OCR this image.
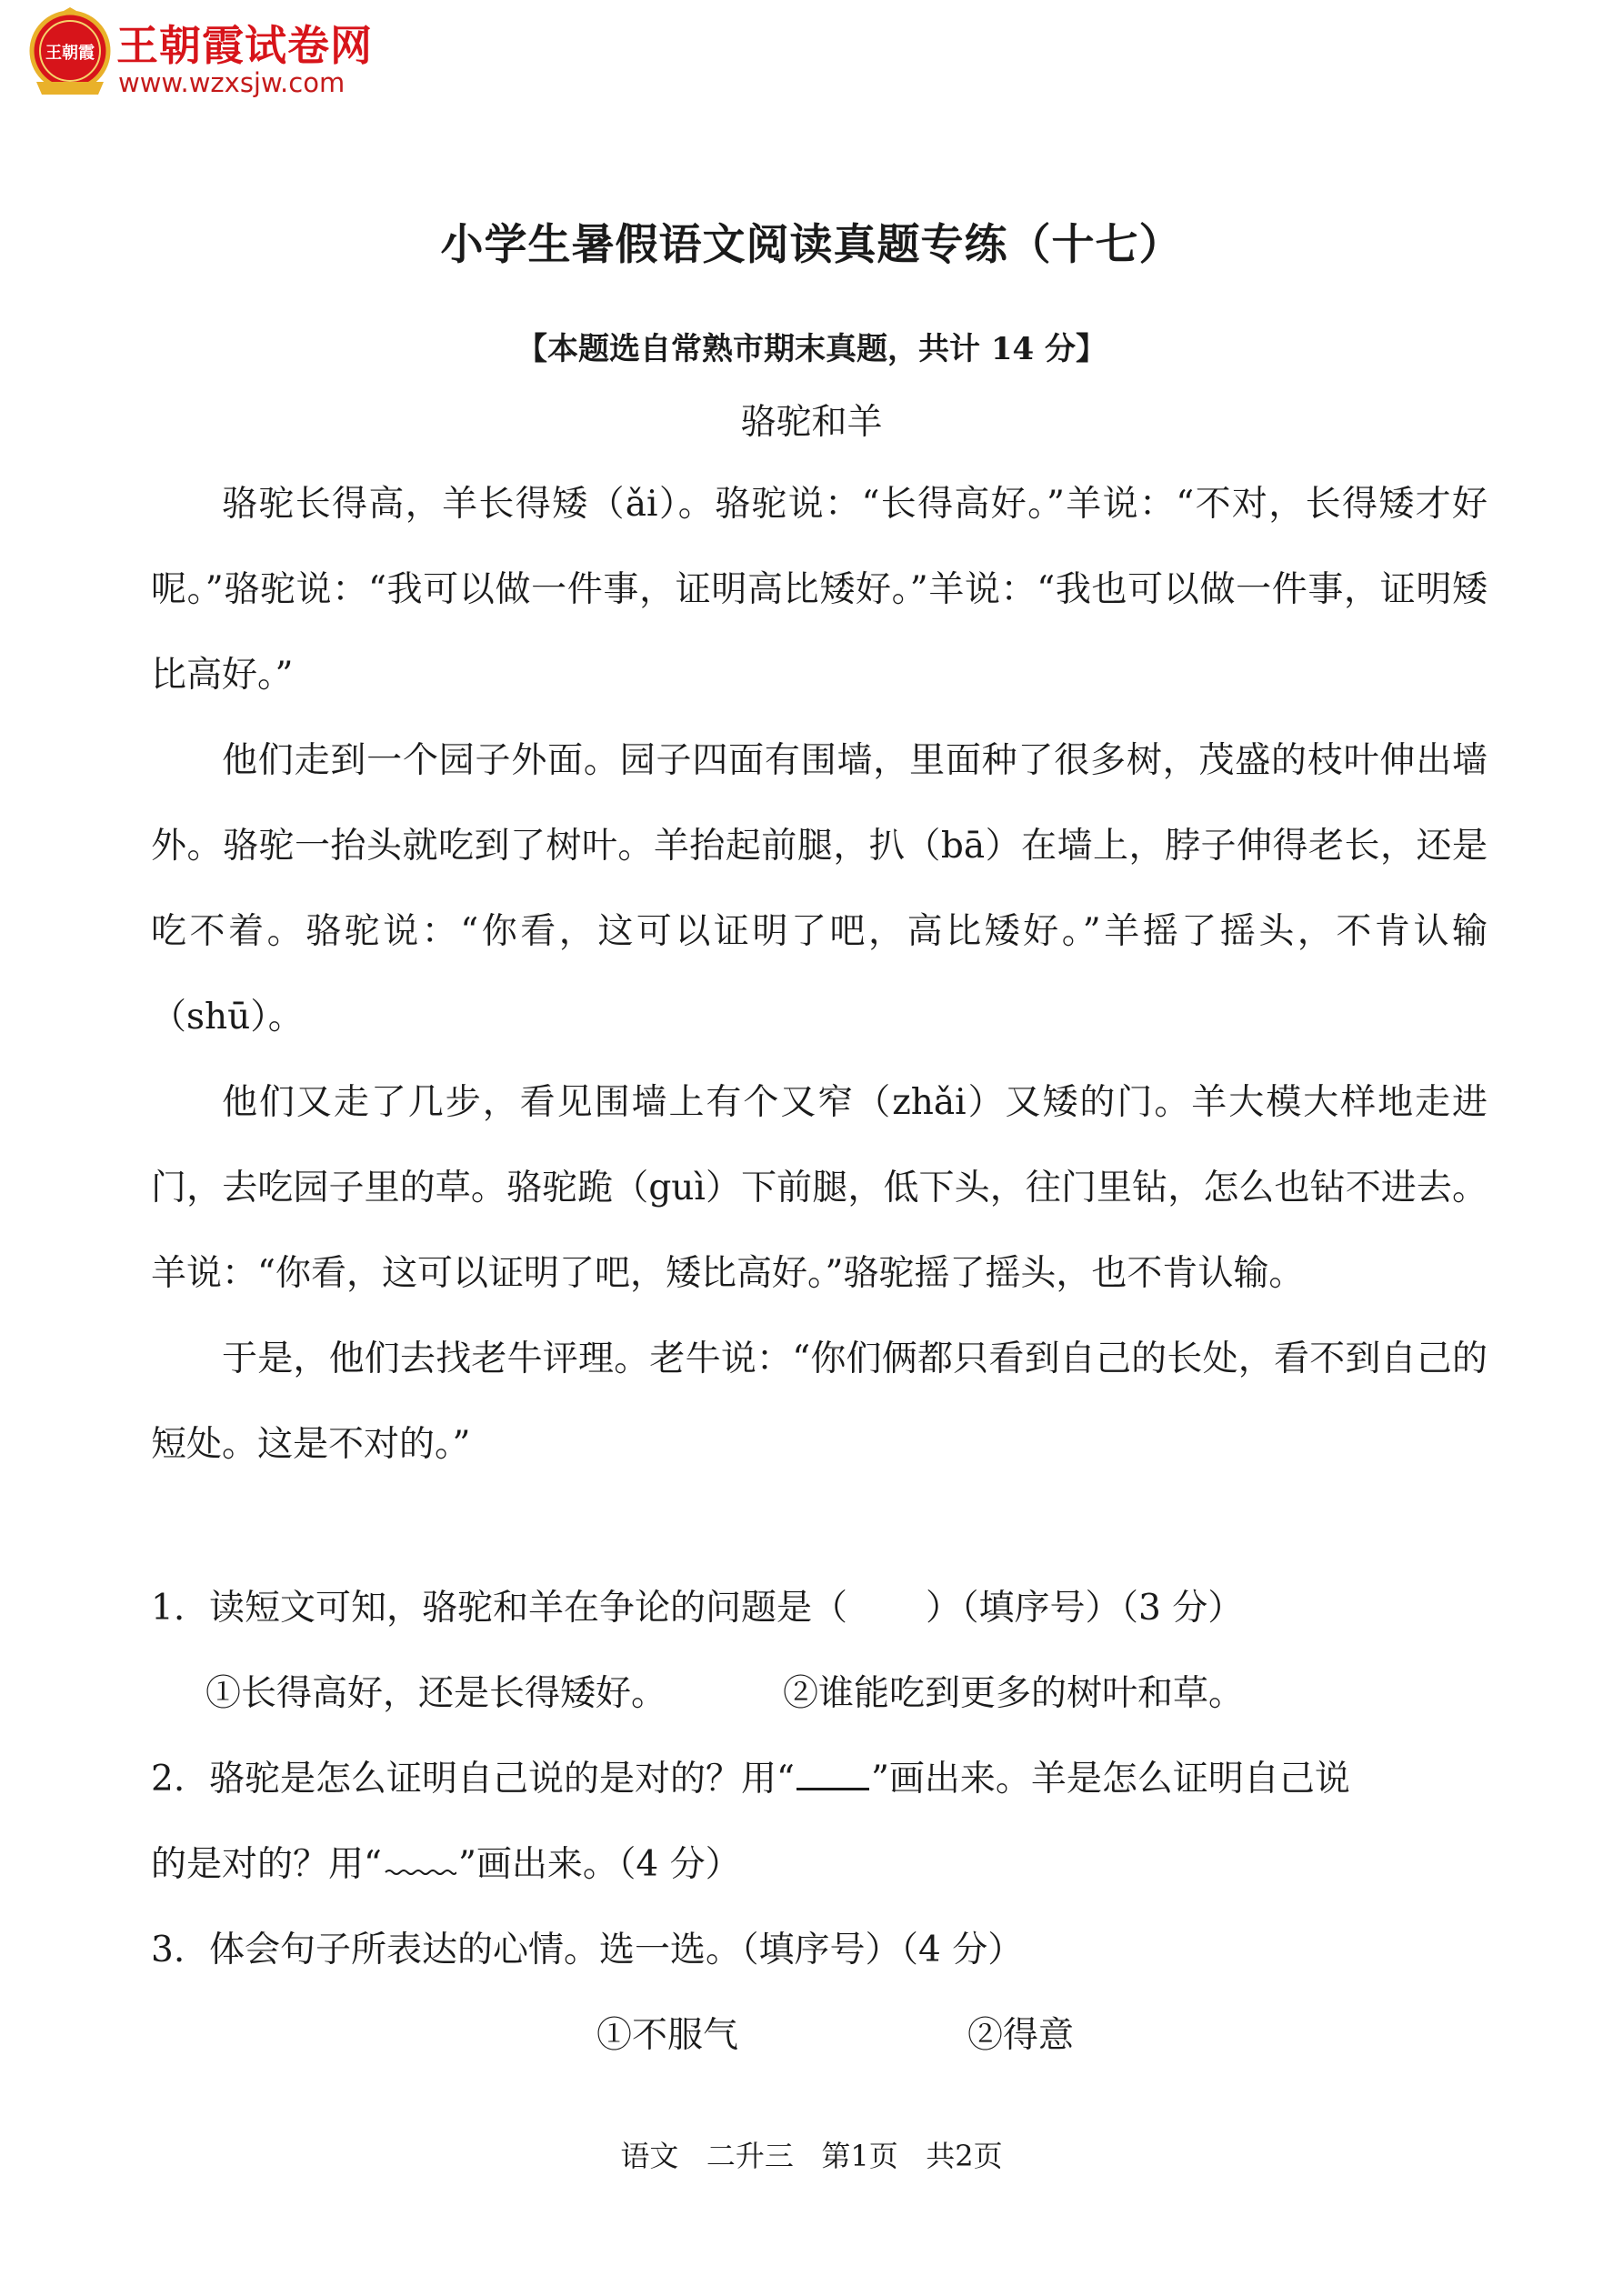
王朝霞 王朝霞试卷网
www.wzxsjw.com
小学生暑假语文阅读真题专练（十七）
【本题选自常熟市期末真题，共计 14 分】
骆驼和羊

骆驼长得高，羊长得矮（ǎi）。骆驼说：“长得高好。”羊说：“不对，长得矮才好呢。”骆驼说：“我可以做一件事，证明高比矮好。”羊说：“我也可以做一件事，证明矮比高好。”

他们走到一个园子外面。园子四面有围墙，里面种了很多树，茂盛的枝叶伸出墙外。骆驼一抬头就吃到了树叶。羊抬起前腿，扒（bā）在墙上，脖子伸得老长，还是吃不着。骆驼说：“你看，这可以证明了吧，高比矮好。”羊摇了摇头，不肯认输（shū）。

他们又走了几步，看见围墙上有个又窄（zhǎi）又矮的门。羊大模大样地走进门，去吃园子里的草。骆驼跪（guì）下前腿，低下头，往门里钻，怎么也钻不进去。羊说：“你看，这可以证明了吧，矮比高好。”骆驼摇了摇头，也不肯认输。

于是，他们去找老牛评理。老牛说：“你们俩都只看到自己的长处，看不到自己的短处。这是不对的。”

1. 读短文可知，骆驼和羊在争论的问题是（ ）（填序号）（3 分）
①长得高好，还是长得矮好。	②谁能吃到更多的树叶和草。
2. 骆驼是怎么证明自己说的是对的？用“ ”画出来。羊是怎么证明自己说
的是对的？用“ ”画出来。（4 分）
3. 体会句子所表达的心情。选一选。（填序号）（4 分）
①不服气	②得意
语文   二升三   第1页   共2页
